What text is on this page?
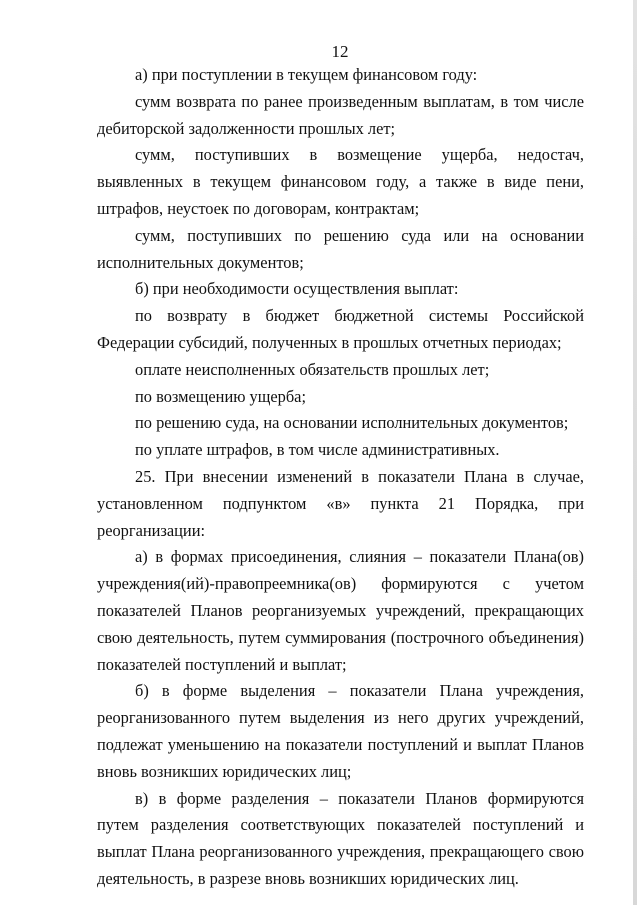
12

а) при поступлении в текущем финансовом году:

сумм возврата по ранее произведенным выплатам, в том числе дебиторской задолженности прошлых лет;

сумм, поступивших в возмещение ущерба, недостач, выявленных в текущем финансовом году, а также в виде пени, штрафов, неустоек по договорам, контрактам;

сумм, поступивших по решению суда или на основании исполнительных документов;

б) при необходимости осуществления выплат:

по возврату в бюджет бюджетной системы Российской Федерации субсидий, полученных в прошлых отчетных периодах;

оплате неисполненных обязательств прошлых лет;

по возмещению ущерба;

по решению суда, на основании исполнительных документов;

по уплате штрафов, в том числе административных.

25. При внесении изменений в показатели Плана в случае, установленном подпунктом «в» пункта 21 Порядка, при реорганизации:

а) в формах присоединения, слияния – показатели Плана(ов) учреждения(ий)-правопреемника(ов) формируются с учетом показателей Планов реорганизуемых учреждений, прекращающих свою деятельность, путем суммирования (построчного объединения) показателей поступлений и выплат;

б) в форме выделения – показатели Плана учреждения, реорганизованного путем выделения из него других учреждений, подлежат уменьшению на показатели поступлений и выплат Планов вновь возникших юридических лиц;

в) в форме разделения – показатели Планов формируются путем разделения соответствующих показателей поступлений и выплат Плана реорганизованного учреждения, прекращающего свою деятельность, в разрезе вновь возникших юридических лиц.
